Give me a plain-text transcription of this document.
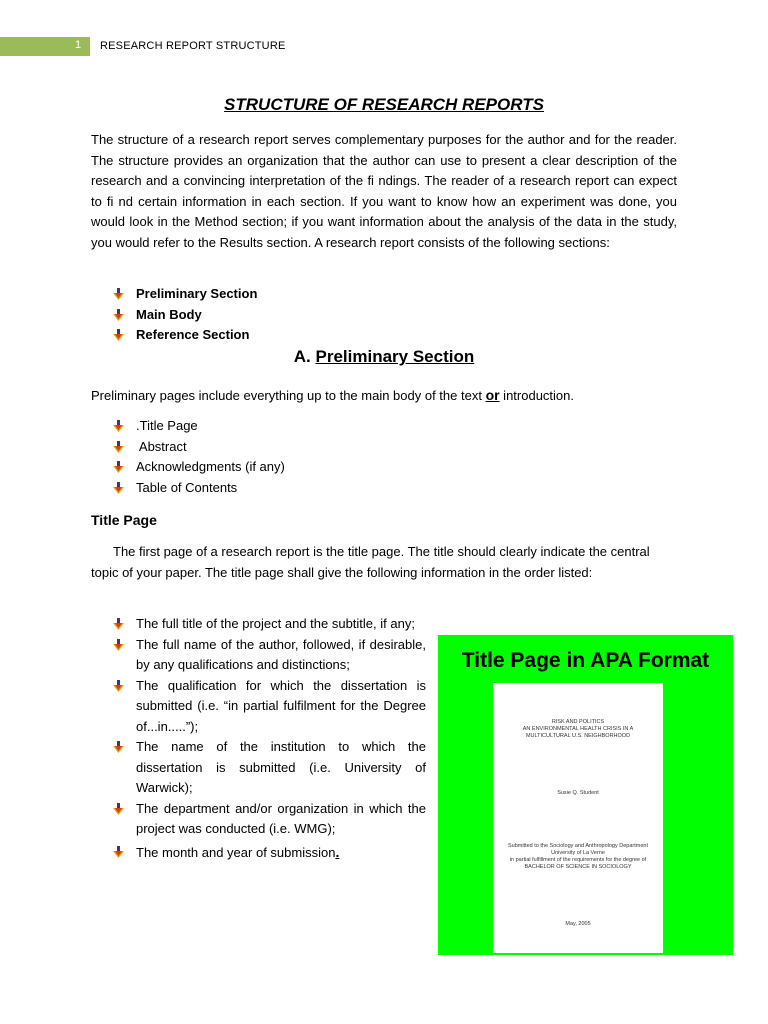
1 RESEARCH REPORT STRUCTURE
STRUCTURE OF RESEARCH REPORTS
The structure of a research report serves complementary purposes for the author and for the reader. The structure provides an organization that the author can use to present a clear description of the research and a convincing interpretation of the fi ndings. The reader of a research report can expect to fi nd certain information in each section. If you want to know how an experiment was done, you would look in the Method section; if you want information about the analysis of the data in the study, you would refer to the Results section. A research report consists of the following sections:
Preliminary Section
Main Body
Reference Section
A. Preliminary Section
Preliminary pages include everything up to the main body of the text or introduction.
.Title Page
Abstract
Acknowledgments (if any)
Table of Contents
Title Page
The first page of a research report is the title page. The title should clearly indicate the central topic of your paper. The title page shall give the following information in the order listed:
The full title of the project and the subtitle, if any;
The full name of the author, followed, if desirable, by any qualifications and distinctions;
The qualification for which the dissertation is submitted (i.e. “in partial fulfilment for the Degree of...in.....”);
The name of the institution to which the dissertation is submitted (i.e. University of Warwick);
The department and/or organization in which the project was conducted (i.e. WMG);
The month and year of submission.
Title Page in APA Format
RISK AND POLITICS
AN ENVIRONMENTAL HEALTH CRISIS IN A
MULTICULTURAL U.S. NEIGHBORHOOD
Susie Q. Student
Submitted to the Sociology and Anthropology Department
University of La Verne
in partial fulfillment of the requirements for the degree of
BACHELOR OF SCIENCE IN SOCIOLOGY
May, 2005
